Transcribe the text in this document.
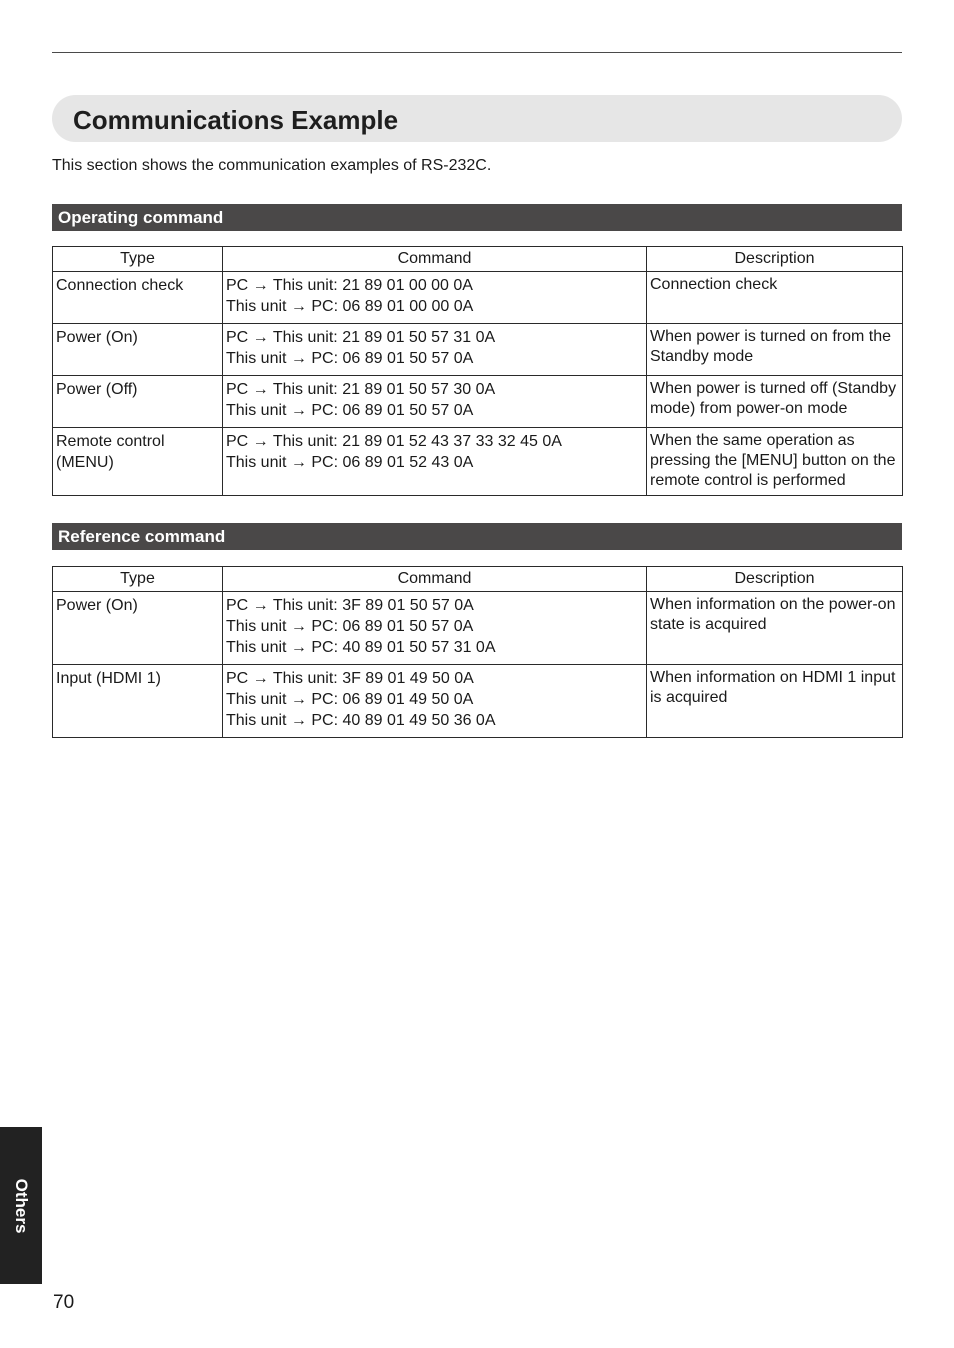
Communications Example

This section shows the communication examples of RS-232C.

Operating command
Type	Command	Description
Connection check	PC → This unit: 21 89 01 00 00 0A
This unit → PC: 06 89 01 00 00 0A	Connection check

Power (On)	PC → This unit: 21 89 01 50 57 31 0A
This unit → PC: 06 89 01 50 57 0A	When power is turned on from the
Standby mode

Power (Off)	PC → This unit: 21 89 01 50 57 30 0A
This unit → PC: 06 89 01 50 57 0A	When power is turned off (Standby
mode) from power-on mode

Remote control
(MENU)	PC → This unit: 21 89 01 52 43 37 33 32 45 0A
This unit → PC: 06 89 01 52 43 0A	When the same operation as
pressing the [MENU] button on the
remote control is performed
Reference command
Type	Command	Description
Power (On)	PC → This unit: 3F 89 01 50 57 0A
This unit → PC: 06 89 01 50 57 0A
This unit → PC: 40 89 01 50 57 31 0A	When information on the power-on
state is acquired

Input (HDMI 1)	PC → This unit: 3F 89 01 49 50 0A
This unit → PC: 06 89 01 49 50 0A
This unit → PC: 40 89 01 49 50 36 0A	When information on HDMI 1 input
is acquired
Others

70
